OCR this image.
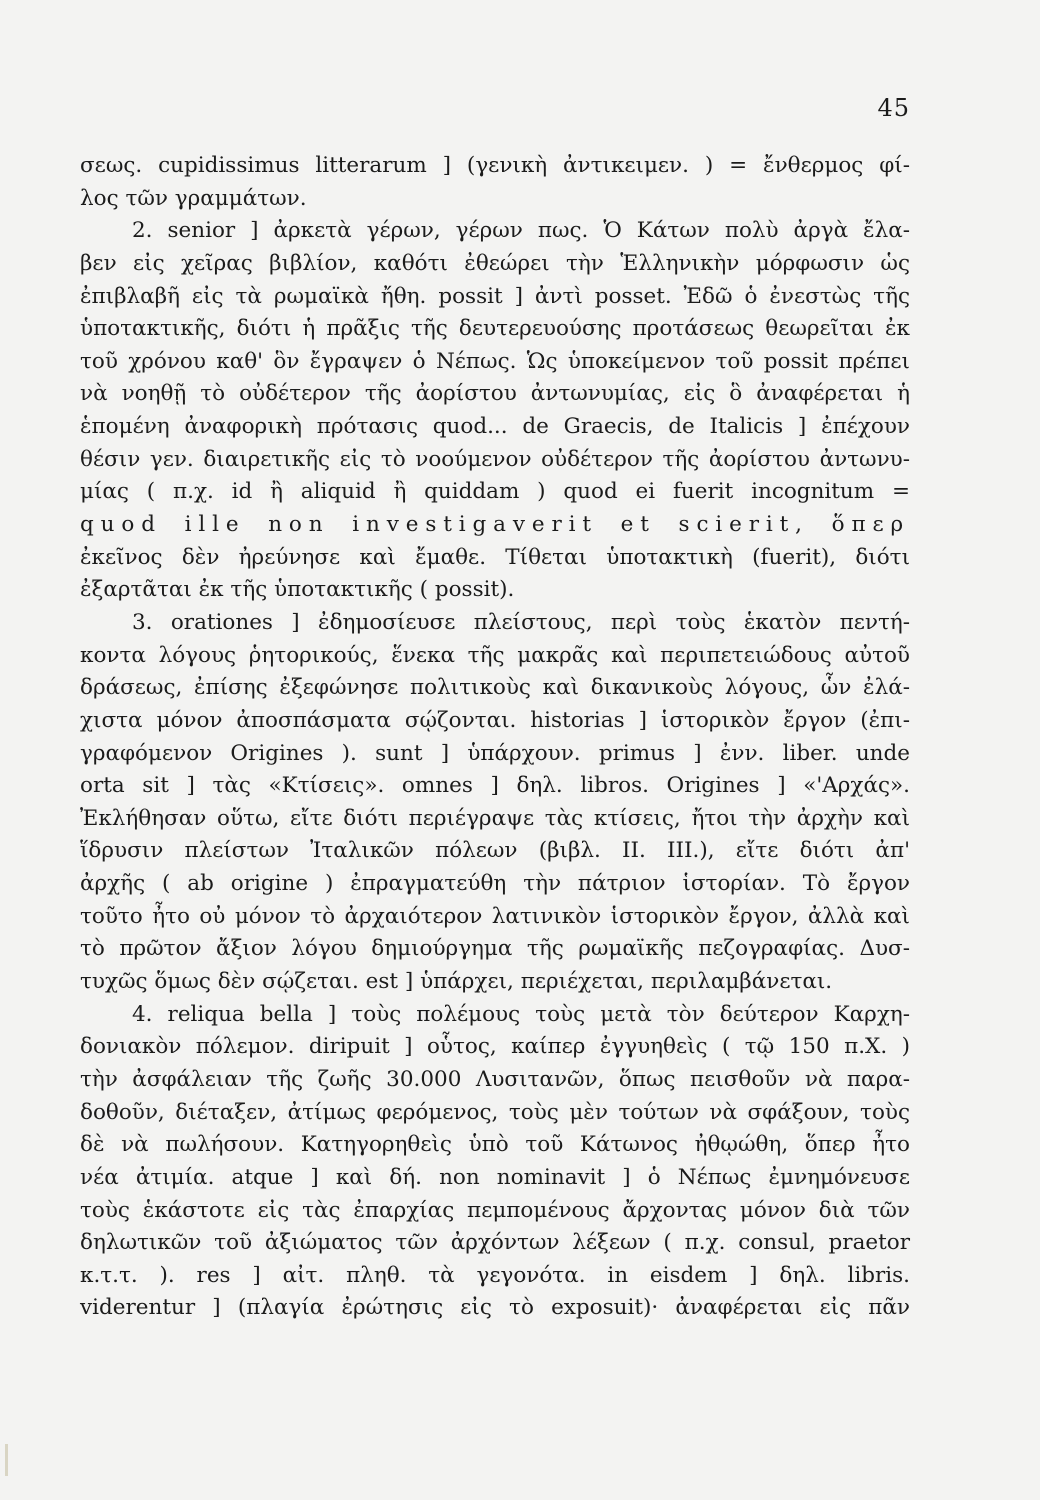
45
σεως. cupidissimus litterarum ] (γενικὴ ἀντικειμεν. ) = ἔνθερμος φί-
λος τῶν γραμμάτων.
2. senior ] ἀρκετὰ γέρων, γέρων πως. Ὁ Κάτων πολὺ ἀργὰ ἔλα-
βεν εἰς χεῖρας βιβλίον, καθότι ἐθεώρει τὴν Ἑλληνικὴν μόρφωσιν ὡς
ἐπιβλαβῆ εἰς τὰ ρωμαϊκὰ ἤθη. possit ] ἀντὶ posset. Ἐδῶ ὁ ἐνεστὼς τῆς
ὑποτακτικῆς, διότι ἡ πρᾶξις τῆς δευτερευούσης προτάσεως θεωρεῖται ἐκ
τοῦ χρόνου καθ' ὃν ἔγραψεν ὁ Νέπως. Ὡς ὑποκείμενον τοῦ possit πρέπει
νὰ νοηθῇ τὸ οὐδέτερον τῆς ἀορίστου ἀντωνυμίας, εἰς ὃ ἀναφέρεται ἡ
ἑπομένη ἀναφορικὴ πρότασις quod... de Graecis, de Italicis ] ἐπέχουν
θέσιν γεν. διαιρετικῆς εἰς τὸ νοούμενον οὐδέτερον τῆς ἀορίστου ἀντωνυ-
μίας ( π.χ. id ἢ aliquid ἢ quiddam ) quod ei fuerit incognitum =
quod ille non investigaverit et scierit, ὅπερ
ἐκεῖνος δὲν ἠρεύνησε καὶ ἔμαθε. Τίθεται ὑποτακτικὴ (fuerit), διότι
ἐξαρτᾶται ἐκ τῆς ὑποτακτικῆς ( possit).
3. orationes ] ἐδημοσίευσε πλείστους, περὶ τοὺς ἑκατὸν πεντή-
κοντα λόγους ῥητορικούς, ἕνεκα τῆς μακρᾶς καὶ περιπετειώδους αὐτοῦ
δράσεως, ἐπίσης ἐξεφώνησε πολιτικοὺς καὶ δικανικοὺς λόγους, ὧν ἐλά-
χιστα μόνον ἀποσπάσματα σῴζονται. historias ] ἱστορικὸν ἔργον (ἐπι-
γραφόμενον Origines ). sunt ] ὑπάρχουν. primus ] ἐνν. liber. unde
orta sit ] τὰς «Κτίσεις». omnes ] δηλ. libros. Origines ] «'Αρχάς».
Ἐκλήθησαν οὕτω, εἴτε διότι περιέγραψε τὰς κτίσεις, ἤτοι τὴν ἀρχὴν καὶ
ἵδρυσιν πλείστων Ἰταλικῶν πόλεων (βιβλ. II. III.), εἴτε διότι ἀπ'
ἀρχῆς ( ab origine ) ἐπραγματεύθη τὴν πάτριον ἱστορίαν. Τὸ ἔργον
τοῦτο ἦτο οὐ μόνον τὸ ἀρχαιότερον λατινικὸν ἱστορικὸν ἔργον, ἀλλὰ καὶ
τὸ πρῶτον ἄξιον λόγου δημιούργημα τῆς ρωμαϊκῆς πεζογραφίας. Δυσ-
τυχῶς ὅμως δὲν σῴζεται. est ] ὑπάρχει, περιέχεται, περιλαμβάνεται.
4. reliqua bella ] τοὺς πολέμους τοὺς μετὰ τὸν δεύτερον Καρχη-
δονιακὸν πόλεμον. diripuit ] οὗτος, καίπερ ἐγγυηθεὶς ( τῷ 150 π.Χ. )
τὴν ἀσφάλειαν τῆς ζωῆς 30.000 Λυσιτανῶν, ὅπως πεισθοῦν νὰ παρα-
δοθοῦν, διέταξεν, ἀτίμως φερόμενος, τοὺς μὲν τούτων νὰ σφάξουν, τοὺς
δὲ νὰ πωλήσουν. Κατηγορηθεὶς ὑπὸ τοῦ Κάτωνος ἠθῳώθη, ὅπερ ἦτο
νέα ἀτιμία. atque ] καὶ δή. non nominavit ] ὁ Νέπως ἐμνημόνευσε
τοὺς ἑκάστοτε εἰς τὰς ἐπαρχίας πεμπομένους ἄρχοντας μόνον διὰ τῶν
δηλωτικῶν τοῦ ἀξιώματος τῶν ἀρχόντων λέξεων ( π.χ. consul, praetor
κ.τ.τ. ). res ] αἰτ. πληθ. τὰ γεγονότα. in eisdem ] δηλ. libris.
viderentur ] (πλαγία ἐρώτησις εἰς τὸ exposuit)· ἀναφέρεται εἰς πᾶν
